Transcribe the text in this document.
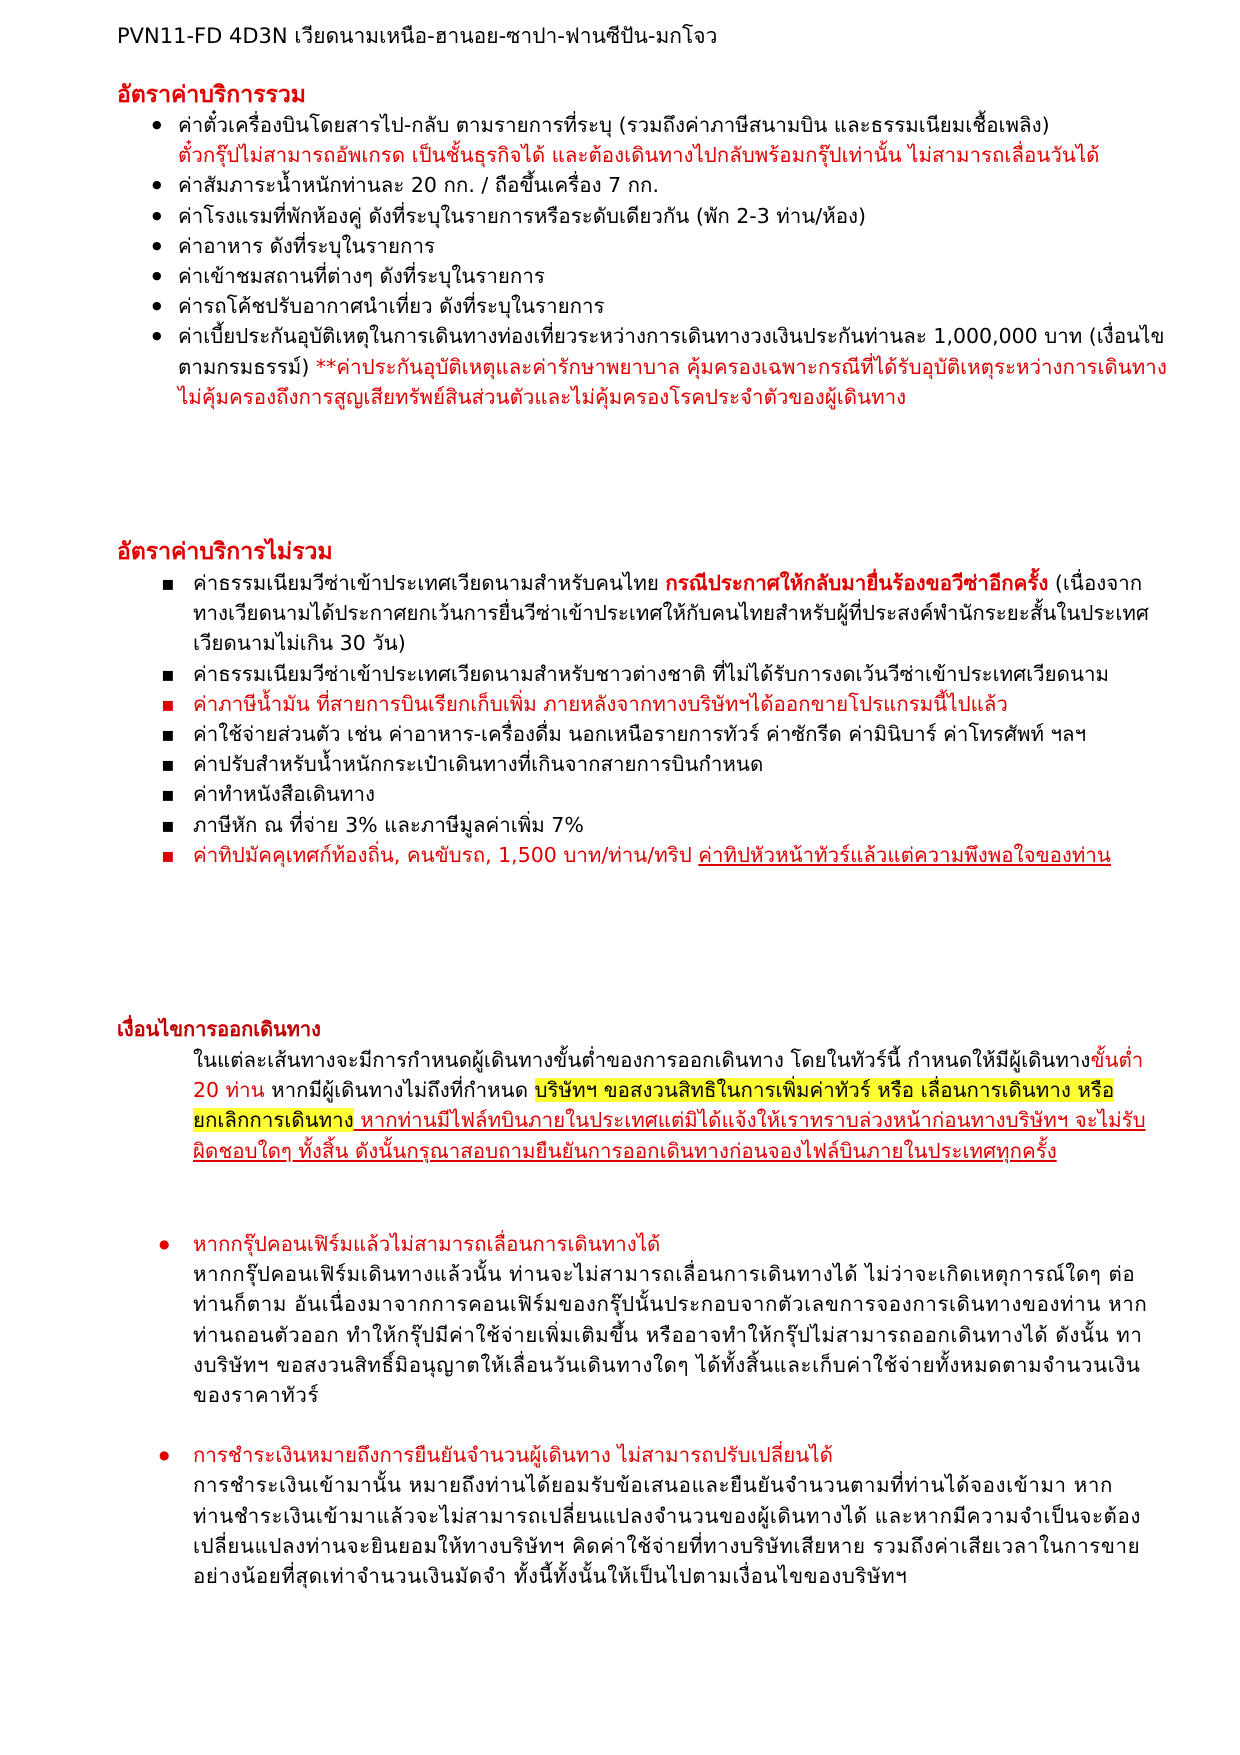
PVN11-FD 4D3N เวียดนามเหนือ-ฮานอย-ซาปา-ฟานซีปัน-มกโจว
อัตราค่าบริการรวม
● ค่าตั๋วเครื่องบินโดยสารไป-กลับ ตามรายการที่ระบุ (รวมถึงค่าภาษีสนามบิน และธรรมเนียมเชื้อเพลิง)
ตั๋วกรุ๊ปไม่สามารถอัพเกรด เป็นชั้นธุรกิจได้ และต้องเดินทางไปกลับพร้อมกรุ๊ปเท่านั้น ไม่สามารถเลื่อนวันได้
● ค่าสัมภาระน้ำหนักท่านละ 20 กก. / ถือขึ้นเครื่อง 7 กก.
● ค่าโรงแรมที่พักห้องคู่ ดังที่ระบุในรายการหรือระดับเดียวกัน (พัก 2-3 ท่าน/ห้อง)
● ค่าอาหาร ดังที่ระบุในรายการ
● ค่าเข้าชมสถานที่ต่างๆ ดังที่ระบุในรายการ
● ค่ารถโค้ชปรับอากาศนำเที่ยว ดังที่ระบุในรายการ
● ค่าเบี้ยประกันอุบัติเหตุในการเดินทางท่องเที่ยวระหว่างการเดินทางวงเงินประกันท่านละ 1,000,000 บาท (เงื่อนไขตามกรมธรรม์) **ค่าประกันอุบัติเหตุและค่ารักษาพยาบาล คุ้มครองเฉพาะกรณีที่ได้รับอุบัติเหตุระหว่างการเดินทาง ไม่คุ้มครองถึงการสูญเสียทรัพย์สินส่วนตัวและไม่คุ้มครองโรคประจำตัวของผู้เดินทาง
อัตราค่าบริการไม่รวม
▪ ค่าธรรมเนียมวีซ่าเข้าประเทศเวียดนามสำหรับคนไทย กรณีประกาศให้กลับมายื่นร้องขอวีซ่าอีกครั้ง (เนื่องจากทางเวียดนามได้ประกาศยกเว้นการยื่นวีซ่าเข้าประเทศให้กับคนไทยสำหรับผู้ที่ประสงค์พำนักระยะสั้นในประเทศเวียดนามไม่เกิน 30 วัน)
▪ ค่าธรรมเนียมวีซ่าเข้าประเทศเวียดนามสำหรับชาวต่างชาติ ที่ไม่ได้รับการงดเว้นวีซ่าเข้าประเทศเวียดนาม
▪ ค่าภาษีน้ำมัน ที่สายการบินเรียกเก็บเพิ่ม ภายหลังจากทางบริษัทฯได้ออกขายโปรแกรมนี้ไปแล้ว
▪ ค่าใช้จ่ายส่วนตัว เช่น ค่าอาหาร-เครื่องดื่ม นอกเหนือรายการทัวร์ ค่าซักรีด ค่ามินิบาร์ ค่าโทรศัพท์ ฯลฯ
▪ ค่าปรับสำหรับน้ำหนักกระเป๋าเดินทางที่เกินจากสายการบินกำหนด
▪ ค่าทำหนังสือเดินทาง
▪ ภาษีหัก ณ ที่จ่าย 3% และภาษีมูลค่าเพิ่ม 7%
▪ ค่าทิปมัคคุเทศก์ท้องถิ่น, คนขับรถ, 1,500 บาท/ท่าน/ทริป ค่าทิปหัวหน้าทัวร์แล้วแต่ความพึงพอใจของท่าน
เงื่อนไขการออกเดินทาง
ในแต่ละเส้นทางจะมีการกำหนดผู้เดินทางขั้นต่ำของการออกเดินทาง โดยในทัวร์นี้ กำหนดให้มีผู้เดินทางขั้นต่ำ 20 ท่าน หากมีผู้เดินทางไม่ถึงที่กำหนด บริษัทฯ ขอสงวนสิทธิในการเพิ่มค่าทัวร์ หรือ เลื่อนการเดินทาง หรือ ยกเลิกการเดินทาง หากท่านมีไฟล์ทบินภายในประเทศแต่มิได้แจ้งให้เราทราบล่วงหน้าก่อนทางบริษัทฯ จะไม่รับผิดชอบใดๆ ทั้งสิ้น ดังนั้นกรุณาสอบถามยืนยันการออกเดินทางก่อนจองไฟล์บินภายในประเทศทุกครั้ง
● หากกรุ๊ปคอนเฟิร์มแล้วไม่สามารถเลื่อนการเดินทางได้
หากกรุ๊ปคอนเฟิร์มเดินทางแล้วนั้น ท่านจะไม่สามารถเลื่อนการเดินทางได้ ไม่ว่าจะเกิดเหตุการณ์ใดๆ ต่อท่านก็ตาม อันเนื่องมาจากการคอนเฟิร์มของกรุ๊ปนั้นประกอบจากตัวเลขการจองการเดินทางของท่าน หากท่านถอนตัวออก ทำให้กรุ๊ปมีค่าใช้จ่ายเพิ่มเติมขึ้น หรืออาจทำให้กรุ๊ปไม่สามารถออกเดินทางได้ ดังนั้น ทางบริษัทฯ ขอสงวนสิทธิ์มิอนุญาตให้เลื่อนวันเดินทางใดๆ ได้ทั้งสิ้นและเก็บค่าใช้จ่ายทั้งหมดตามจำนวนเงินของราคาทัวร์
● การชำระเงินหมายถึงการยืนยันจำนวนผู้เดินทาง ไม่สามารถปรับเปลี่ยนได้
การชำระเงินเข้ามานั้น หมายถึงท่านได้ยอมรับข้อเสนอและยืนยันจำนวนตามที่ท่านได้จองเข้ามา หากท่านชำระเงินเข้ามาแล้วจะไม่สามารถเปลี่ยนแปลงจำนวนของผู้เดินทางได้ และหากมีความจำเป็นจะต้องเปลี่ยนแปลงท่านจะยินยอมให้ทางบริษัทฯ คิดค่าใช้จ่ายที่ทางบริษัทเสียหาย รวมถึงค่าเสียเวลาในการขาย อย่างน้อยที่สุดเท่าจำนวนเงินมัดจำ ทั้งนี้ทั้งนั้นให้เป็นไปตามเงื่อนไขของบริษัทฯ
